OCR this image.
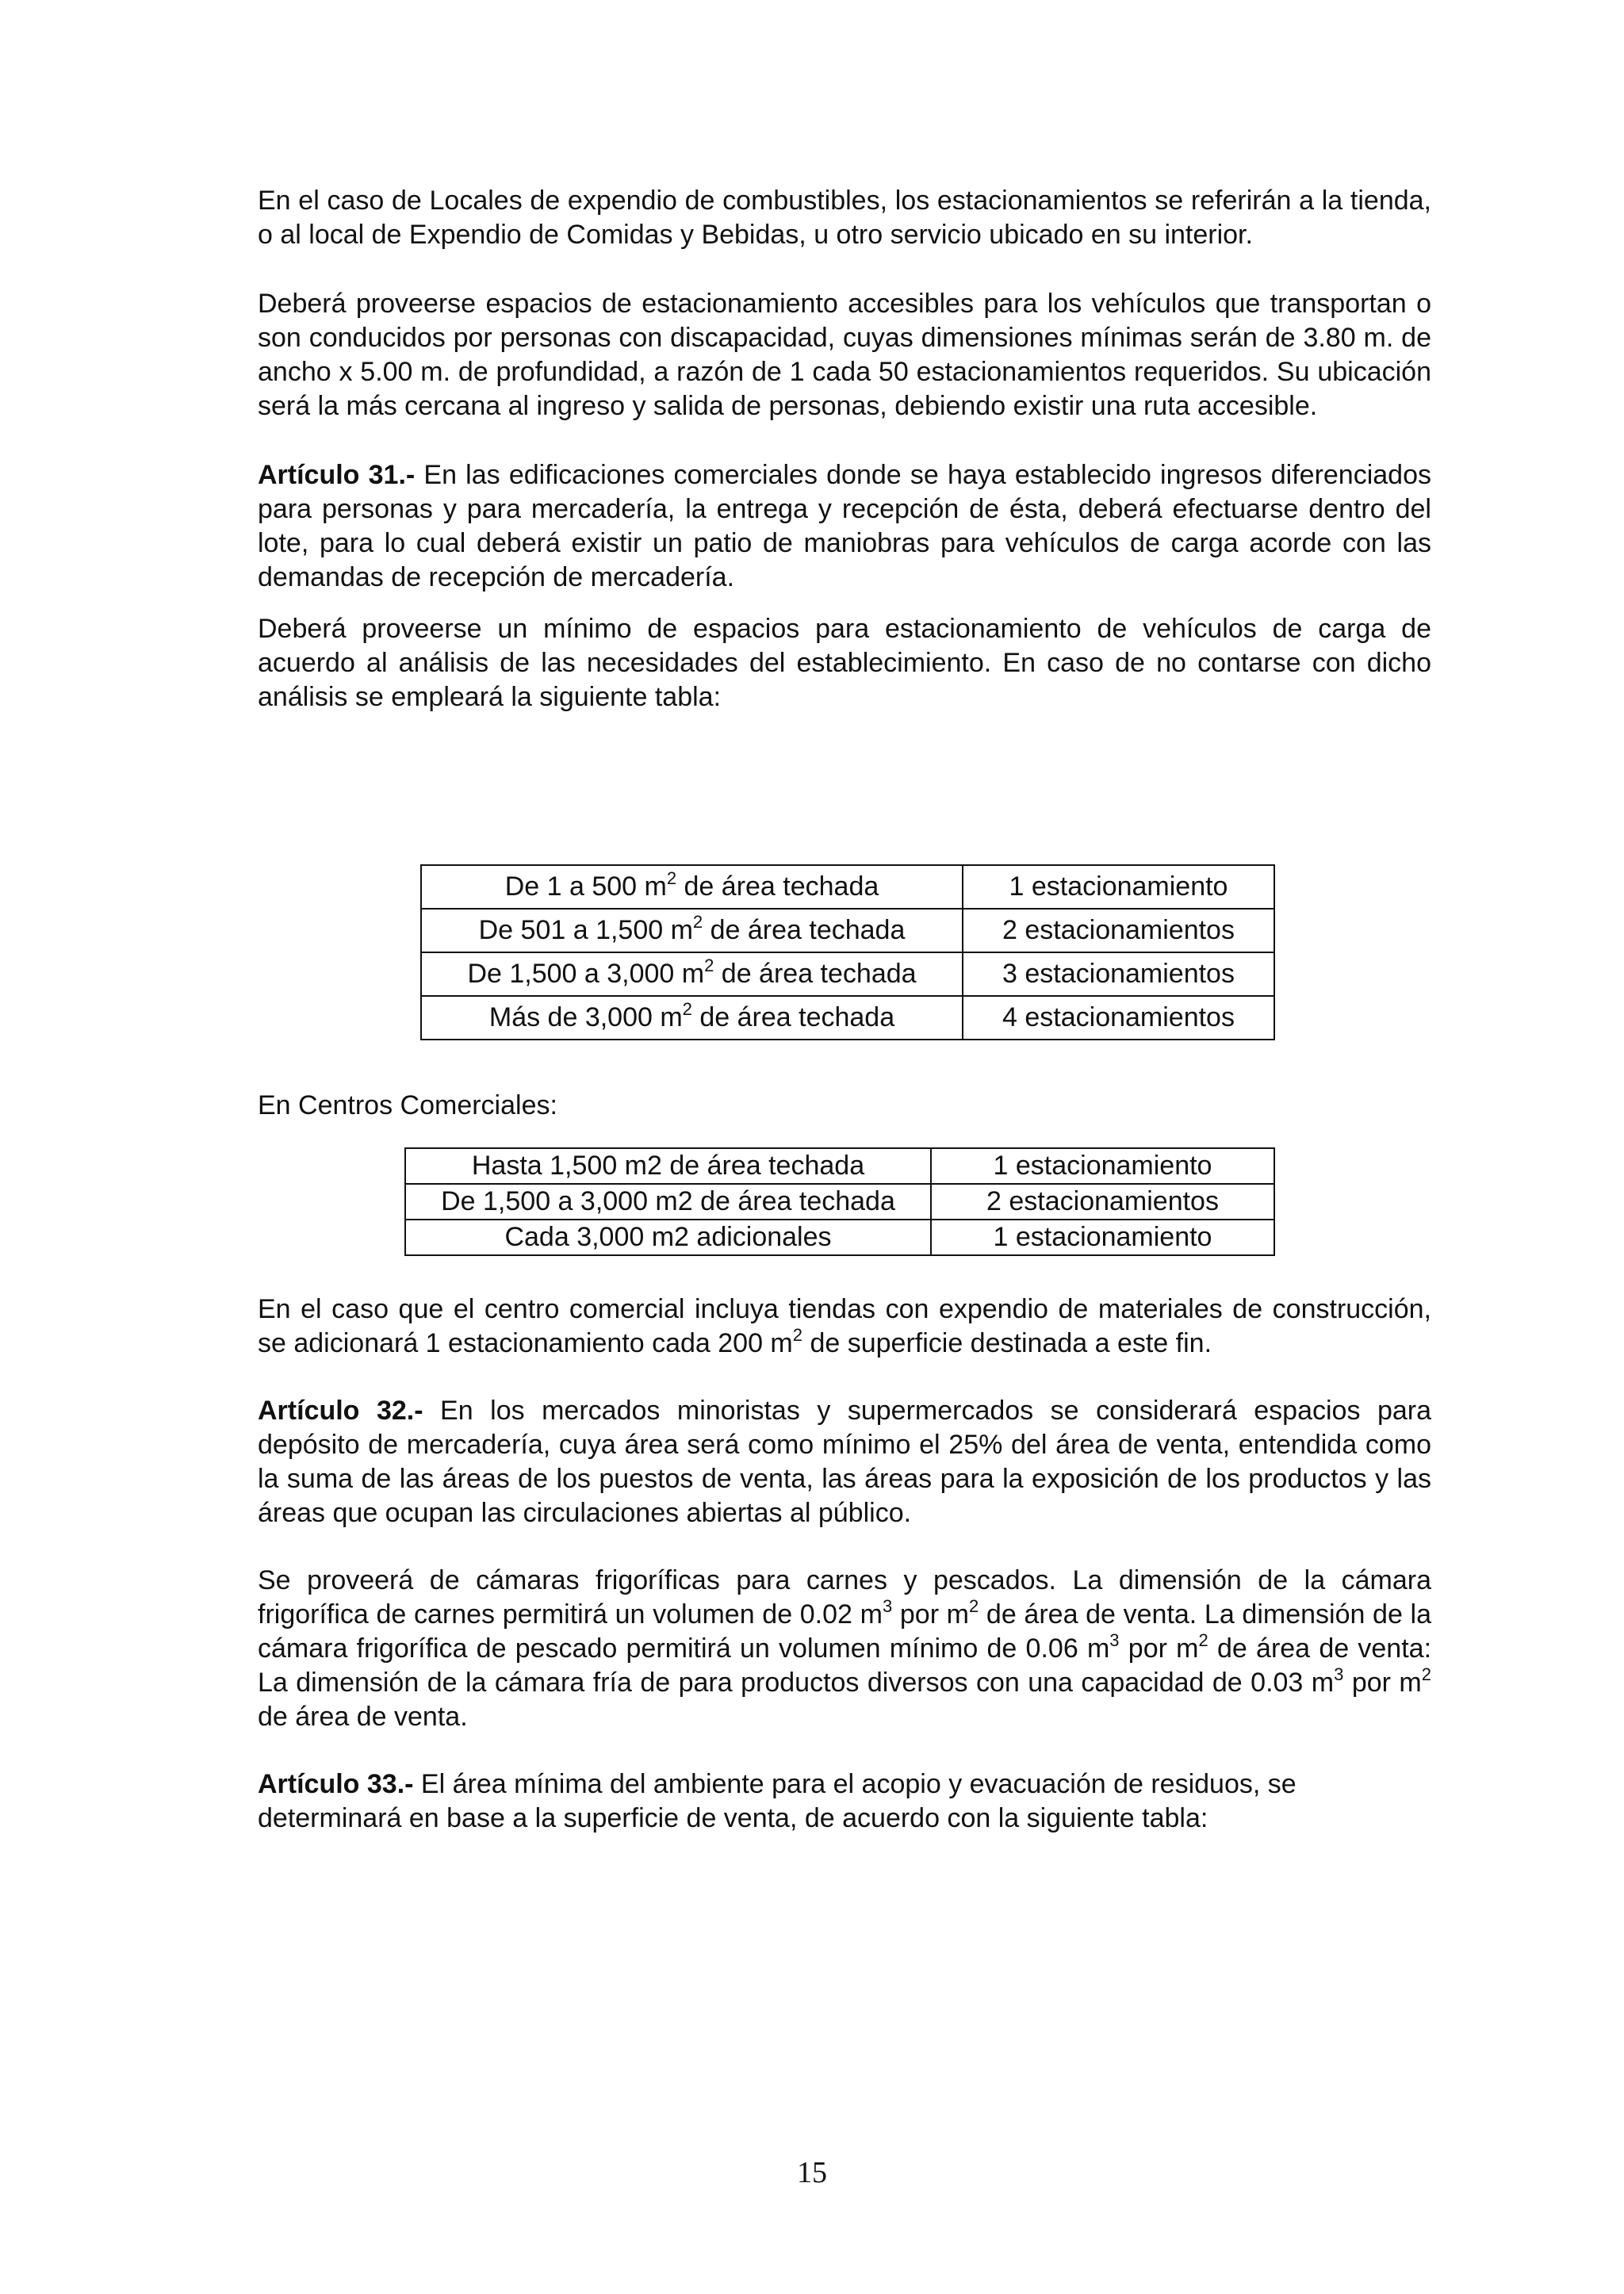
En el caso de Locales de expendio de combustibles, los estacionamientos se referirán a la tienda, o al local de Expendio de Comidas y Bebidas, u otro servicio ubicado en su interior.

Deberá proveerse espacios de estacionamiento accesibles para los vehículos que transportan o son conducidos por personas con discapacidad, cuyas dimensiones mínimas serán de 3.80 m. de ancho x 5.00 m. de profundidad, a razón de 1 cada 50 estacionamientos requeridos. Su ubicación será la más cercana al ingreso y salida de personas, debiendo existir una ruta accesible.

Artículo 31.- En las edificaciones comerciales donde se haya establecido ingresos diferenciados para personas y para mercadería, la entrega y recepción de ésta, deberá efectuarse dentro del lote, para lo cual deberá existir un patio de maniobras para vehículos de carga acorde con las demandas de recepción de mercadería.

Deberá proveerse un mínimo de espacios para estacionamiento de vehículos de carga de acuerdo al análisis de las necesidades del establecimiento. En caso de no contarse con dicho análisis se empleará la siguiente tabla:

De 1 a 500 $m^2$ de área techada	1 estacionamiento
De 501 a 1,500 $m^2$ de área techada	2 estacionamientos
De 1,500 a 3,000 $m^2$ de área techada	3 estacionamientos
Más de 3,000 $m^2$ de área techada	4 estacionamientos
En Centros Comerciales:
Hasta 1,500 m2 de área techada	1 estacionamiento
De 1,500 a 3,000 m2 de área techada	2 estacionamientos
Cada 3,000 m2 adicionales	1 estacionamiento

En el caso que el centro comercial incluya tiendas con expendio de materiales de construcción, se adicionará 1 estacionamiento cada 200 $m^2$ de superficie destinada a este fin.

Artículo 32.- En los mercados minoristas y supermercados se considerará espacios para depósito de mercadería, cuya área será como mínimo el 25% del área de venta, entendida como la suma de las áreas de los puestos de venta, las áreas para la exposición de los productos y las áreas que ocupan las circulaciones abiertas al público.

Se proveerá de cámaras frigoríficas para carnes y pescados. La dimensión de la cámara frigorífica de carnes permitirá un volumen de 0.02 $m^3$ por $m^2$ de área de venta. La dimensión de la cámara frigorífica de pescado permitirá un volumen mínimo de 0.06 $m^3$ por $m^2$ de área de venta: La dimensión de la cámara fría de para productos diversos con una capacidad de 0.03 $m^3$ por $m^2$ de área de venta.

Artículo 33.- El área mínima del ambiente para el acopio y evacuación de residuos, se determinará en base a la superficie de venta, de acuerdo con la siguiente tabla:

15
